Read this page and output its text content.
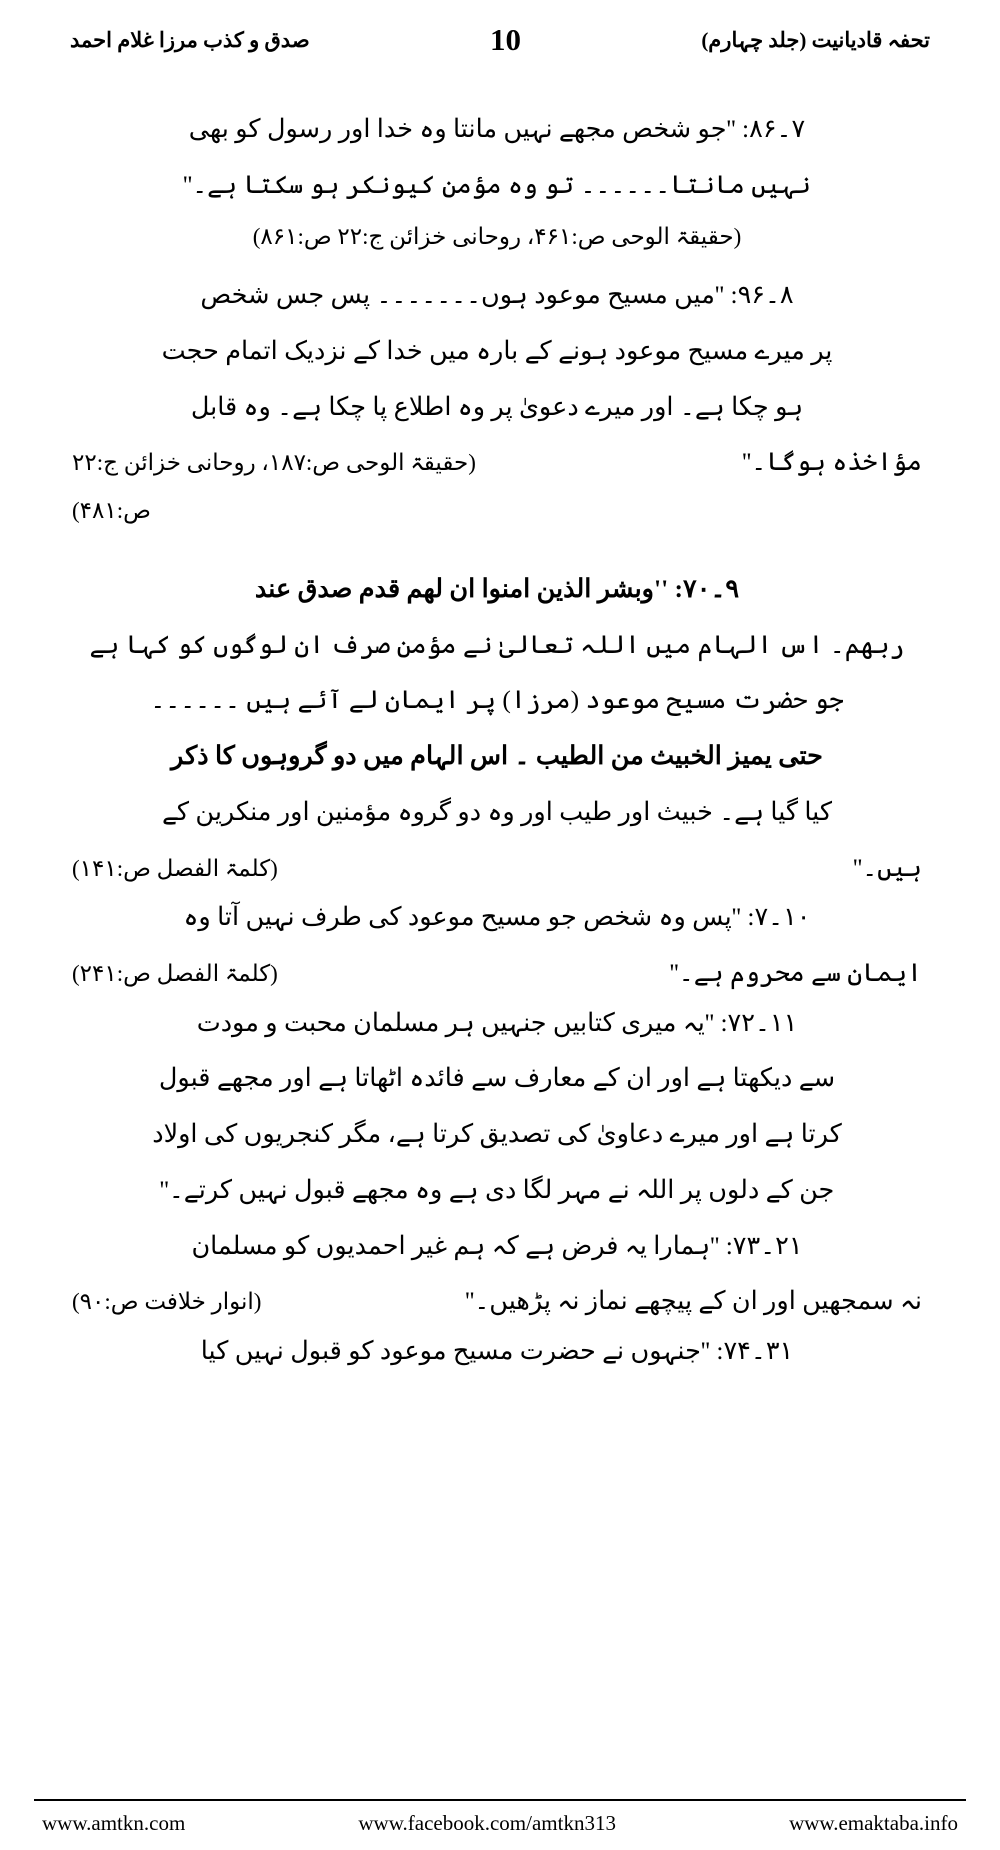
تحفہ قادیانیت (جلد چہارم)
10
صدق و کذب مرزا غلام احمد
۷۔۸۶: ''جو شخص مجھے نہیں مانتا وہ خدا اور رسول کو بھی
نہیں مانتا۔۔۔۔۔۔ تو وہ مؤمن کیونکر ہو سکتا ہے۔''
(حقیقۃ الوحی ص:۴۶۱، روحانی خزائن ج:۲۲ ص:۸۶۱)
۸۔۹۶: ''میں مسیح موعود ہوں۔۔۔۔۔۔۔ پس جس شخص
پر میرے مسیح موعود ہونے کے بارہ میں خدا کے نزدیک اتمام حجت
ہو چکا ہے۔ اور میرے دعویٰ پر وہ اطلاع پا چکا ہے۔ وہ قابل
مؤاخذہ ہوگا۔''
(حقیقۃ الوحی ص:۱۸۷، روحانی خزائن ج:۲۲
ص:۴۸۱)
۹۔۷۰: ''وبشر الذین امنوا ان لهم قدم صدق عند
ربھم۔ اس الہام میں اللہ تعالیٰ نے مؤمن صرف ان لوگوں کو کہا ہے
جو حضرت مسیح موعود (مرزا) پر ایمان لے آئے ہیں ۔۔۔۔۔۔
حتی یمیز الخبیث من الطیب ۔ اس الہام میں دو گروہوں کا ذکر
کیا گیا ہے۔ خبیث اور طیب اور وہ دو گروہ مؤمنین اور منکرین کے
ہیں۔''
(کلمۃ الفصل ص:۱۴۱)
۱۰۔۷: ''پس وہ شخص جو مسیح موعود کی طرف نہیں آتا وہ
ایمان سے محروم ہے۔''
(کلمۃ الفصل ص:۲۴۱)
۱۱۔۷۲: ''یہ میری کتابیں جنہیں ہر مسلمان محبت و مودت
سے دیکھتا ہے اور ان کے معارف سے فائدہ اٹھاتا ہے اور مجھے قبول
کرتا ہے اور میرے دعاویٰ کی تصدیق کرتا ہے، مگر کنجریوں کی اولاد
جن کے دلوں پر اللہ نے مہر لگا دی ہے وہ مجھے قبول نہیں کرتے۔''
۲۱۔۷۳: ''ہمارا یہ فرض ہے کہ ہم غیر احمدیوں کو مسلمان
نہ سمجھیں اور ان کے پیچھے نماز نہ پڑھیں۔''
(انوار خلافت ص:۹۰)
۳۱۔۷۴: ''جنہوں نے حضرت مسیح موعود کو قبول نہیں کیا
www.amtkn.com	www.facebook.com/amtkn313	www.emaktaba.info
